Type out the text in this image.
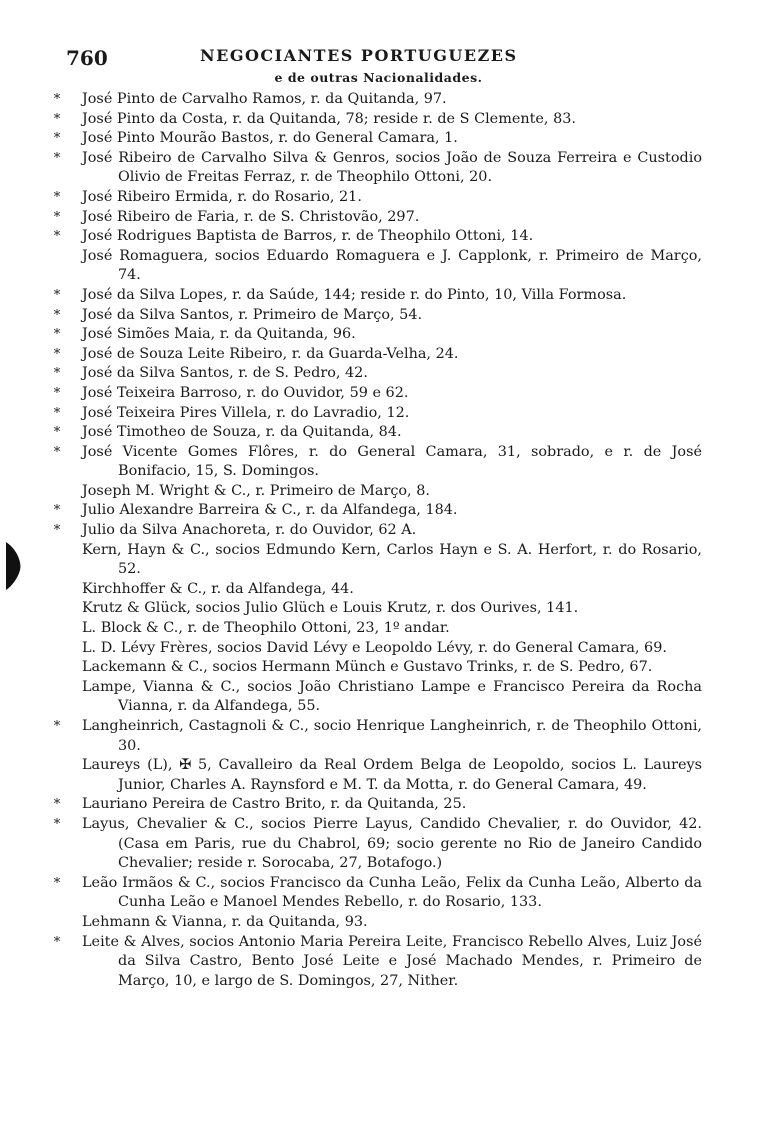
760	NEGOCIANTES PORTUGUEZES
e de outras Nacionalidades.
*	José Pinto de Carvalho Ramos, r. da Quitanda, 97.
*	José Pinto da Costa, r. da Quitanda, 78; reside r. de S Clemente, 83.
*	José Pinto Mourão Bastos, r. do General Camara, 1.
*	José Ribeiro de Carvalho Silva & Genros, socios João de Souza Ferreira e Custodio Olivio de Freitas Ferraz, r. de Theophilo Ottoni, 20.
*	José Ribeiro Ermida, r. do Rosario, 21.
*	José Ribeiro de Faria, r. de S. Christovão, 297.
*	José Rodrigues Baptista de Barros, r. de Theophilo Ottoni, 14.
José Romaguera, socios Eduardo Romaguera e J. Capplonk, r. Primeiro de Março, 74.
*	José da Silva Lopes, r. da Saúde, 144; reside r. do Pinto, 10, Villa Formosa.
*	José da Silva Santos, r. Primeiro de Março, 54.
*	José Simões Maia, r. da Quitanda, 96.
*	José de Souza Leite Ribeiro, r. da Guarda-Velha, 24.
*	José da Silva Santos, r. de S. Pedro, 42.
*	José Teixeira Barroso, r. do Ouvidor, 59 e 62.
*	José Teixeira Pires Villela, r. do Lavradio, 12.
*	José Timotheo de Souza, r. da Quitanda, 84.
*	José Vicente Gomes Flôres, r. do General Camara, 31, sobrado, e r. de José Bonifacio, 15, S. Domingos.
Joseph M. Wright & C., r. Primeiro de Março, 8.
*	Julio Alexandre Barreira & C., r. da Alfandega, 184.
*	Julio da Silva Anachoreta, r. do Ouvidor, 62 A.
Kern, Hayn & C., socios Edmundo Kern, Carlos Hayn e S. A. Herfort, r. do Rosario, 52.
Kirchhoffer & C., r. da Alfandega, 44.
Krutz & Glück, socios Julio Glüch e Louis Krutz, r. dos Ourives, 141.
L. Block & C., r. de Theophilo Ottoni, 23, 1º andar.
L. D. Lévy Frères, socios David Lévy e Leopoldo Lévy, r. do General Camara, 69.
Lackemann & C., socios Hermann Münch e Gustavo Trinks, r. de S. Pedro, 67.
Lampe, Vianna & C., socios João Christiano Lampe e Francisco Pereira da Rocha Vianna, r. da Alfandega, 55.
*	Langheinrich, Castagnoli & C., socio Henrique Langheinrich, r. de Theophilo Ottoni, 30.
Laureys (L), ✠ 5, Cavalleiro da Real Ordem Belga de Leopoldo, socios L. Laureys Junior, Charles A. Raynsford e M. T. da Motta, r. do General Camara, 49.
*	Lauriano Pereira de Castro Brito, r. da Quitanda, 25.
*	Layus, Chevalier & C., socios Pierre Layus, Candido Chevalier, r. do Ouvidor, 42. (Casa em Paris, rue du Chabrol, 69; socio gerente no Rio de Janeiro Candido Chevalier; reside r. Sorocaba, 27, Botafogo.)
*	Leão Irmãos & C., socios Francisco da Cunha Leão, Felix da Cunha Leão, Alberto da Cunha Leão e Manoel Mendes Rebello, r. do Rosario, 133.
Lehmann & Vianna, r. da Quitanda, 93.
*	Leite & Alves, socios Antonio Maria Pereira Leite, Francisco Rebello Alves, Luiz José da Silva Castro, Bento José Leite e José Machado Mendes, r. Primeiro de Março, 10, e largo de S. Domingos, 27, Nither.
